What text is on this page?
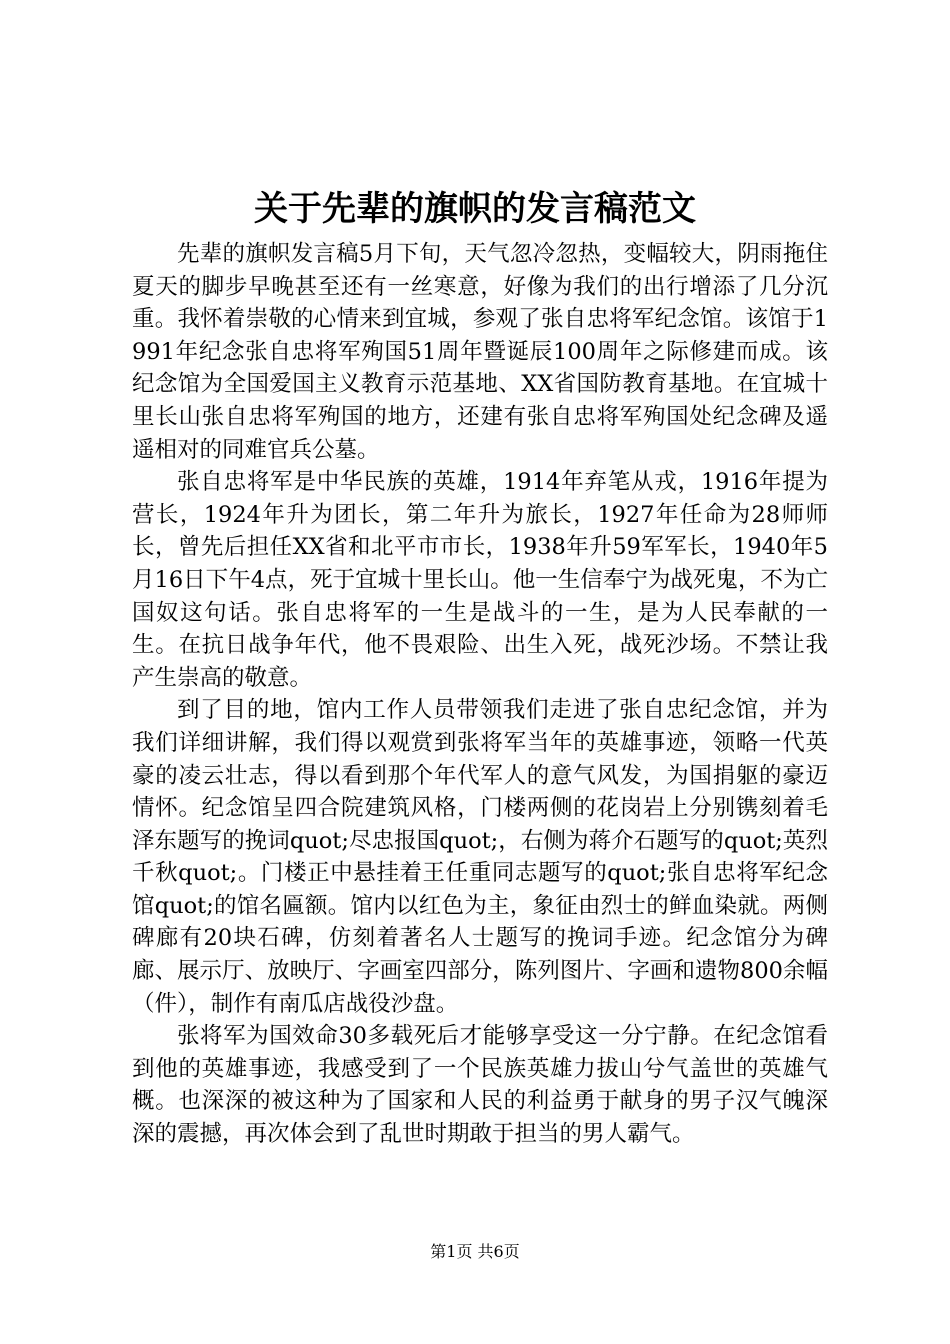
关于先辈的旗帜的发言稿范文

先辈的旗帜发言稿5月下旬，天气忽冷忽热，变幅较大，阴雨拖住夏天的脚步早晚甚至还有一丝寒意，好像为我们的出行增添了几分沉重。我怀着崇敬的心情来到宜城，参观了张自忠将军纪念馆。该馆于1991年纪念张自忠将军殉国51周年暨诞辰100周年之际修建而成。该纪念馆为全国爱国主义教育示范基地、XX省国防教育基地。在宜城十里长山张自忠将军殉国的地方，还建有张自忠将军殉国处纪念碑及遥遥相对的同难官兵公墓。

张自忠将军是中华民族的英雄，1914年弃笔从戎，1916年提为营长，1924年升为团长，第二年升为旅长，1927年任命为28师师长，曾先后担任XX省和北平市市长，1938年升59军军长，1940年5月16日下午4点，死于宜城十里长山。他一生信奉宁为战死鬼，不为亡国奴这句话。张自忠将军的一生是战斗的一生，是为人民奉献的一生。在抗日战争年代，他不畏艰险、出生入死，战死沙场。不禁让我产生崇高的敬意。

到了目的地，馆内工作人员带领我们走进了张自忠纪念馆，并为我们详细讲解，我们得以观赏到张将军当年的英雄事迹，领略一代英豪的凌云壮志，得以看到那个年代军人的意气风发，为国捐躯的豪迈情怀。纪念馆呈四合院建筑风格，门楼两侧的花岗岩上分别镌刻着毛泽东题写的挽词quot;尽忠报国quot;，右侧为蒋介石题写的quot;英烈千秋quot;。门楼正中悬挂着王任重同志题写的quot;张自忠将军纪念馆quot;的馆名匾额。馆内以红色为主，象征由烈士的鲜血染就。两侧碑廊有20块石碑，仿刻着著名人士题写的挽词手迹。纪念馆分为碑廊、展示厅、放映厅、字画室四部分，陈列图片、字画和遗物800余幅（件），制作有南瓜店战役沙盘。

张将军为国效命30多载死后才能够享受这一分宁静。在纪念馆看到他的英雄事迹，我感受到了一个民族英雄力拔山兮气盖世的英雄气概。也深深的被这种为了国家和人民的利益勇于献身的男子汉气魄深深的震撼，再次体会到了乱世时期敢于担当的男人霸气。

第1页 共6页
